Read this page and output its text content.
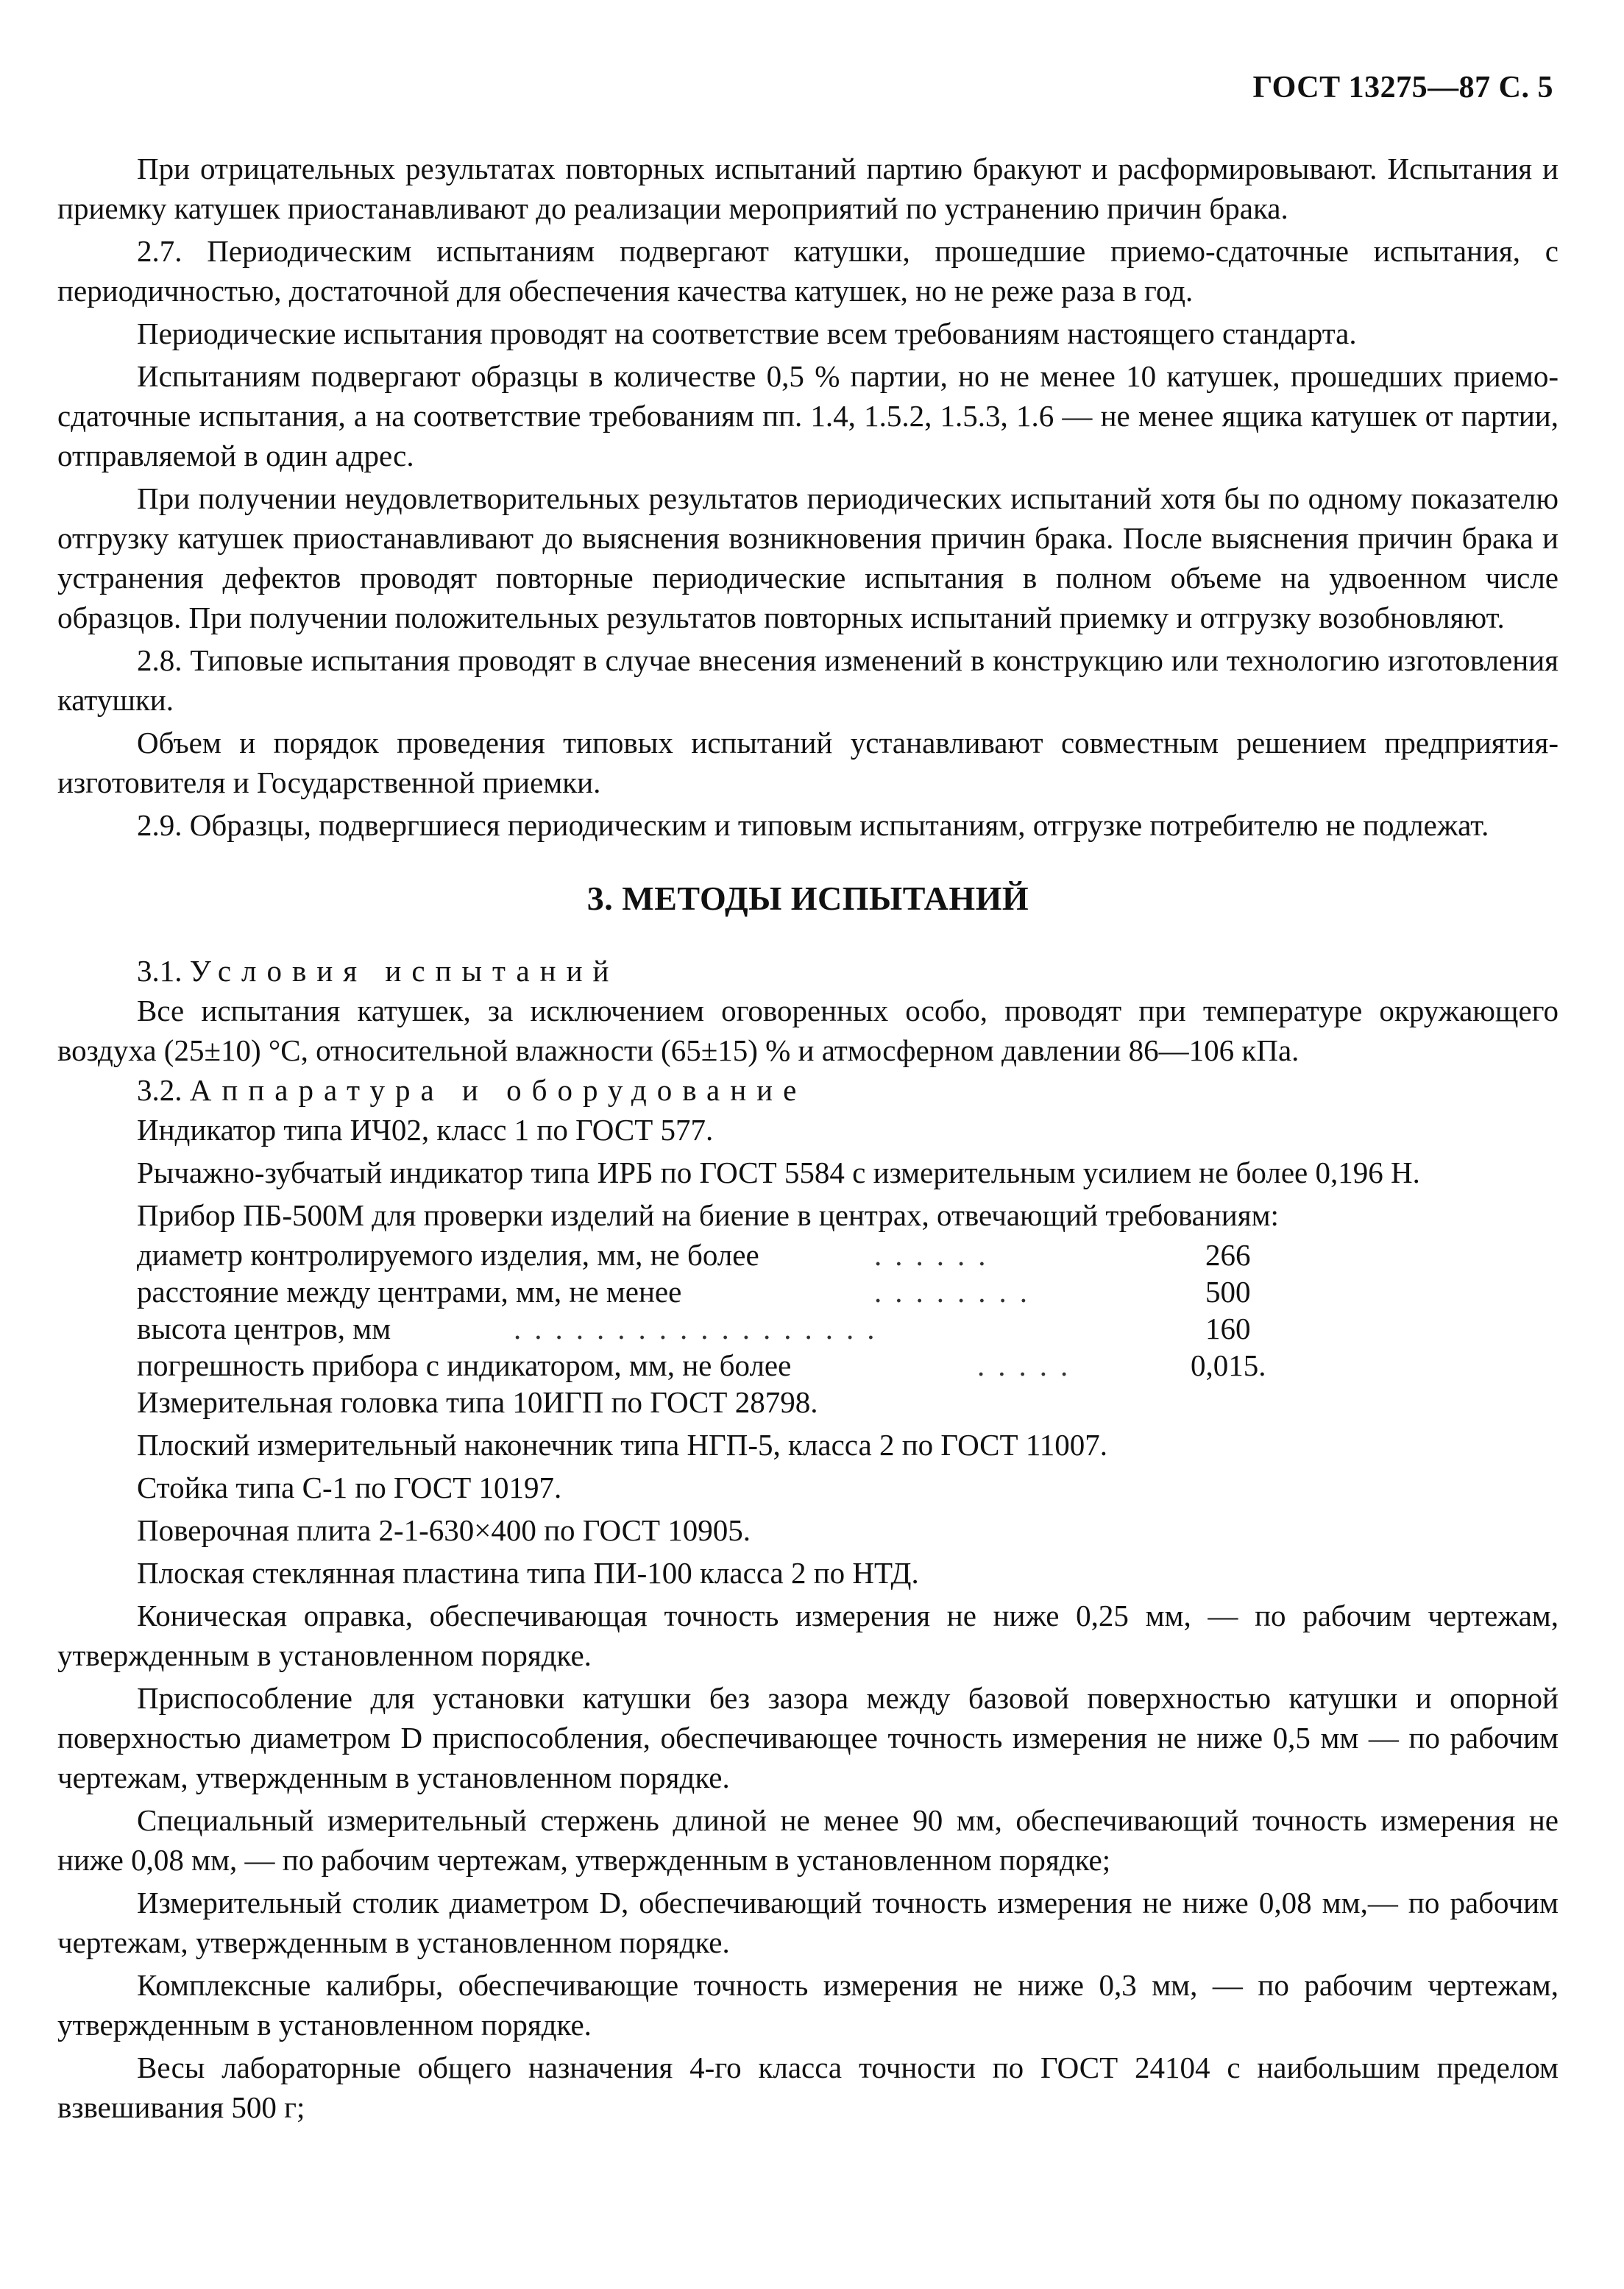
ГОСТ 13275—87 С. 5

При отрицательных результатах повторных испытаний партию бракуют и расформировывают. Испытания и приемку катушек приостанавливают до реализации мероприятий по устранению причин брака.

2.7. Периодическим испытаниям подвергают катушки, прошедшие приемо-сдаточные испытания, с периодичностью, достаточной для обеспечения качества катушек, но не реже раза в год.

Периодические испытания проводят на соответствие всем требованиям настоящего стандарта.

Испытаниям подвергают образцы в количестве 0,5 % партии, но не менее 10 катушек, прошедших приемо-сдаточные испытания, а на соответствие требованиям пп. 1.4, 1.5.2, 1.5.3, 1.6 — не менее ящика катушек от партии, отправляемой в один адрес.

При получении неудовлетворительных результатов периодических испытаний хотя бы по одному показателю отгрузку катушек приостанавливают до выяснения возникновения причин брака. После выяснения причин брака и устранения дефектов проводят повторные периодические испытания в полном объеме на удвоенном числе образцов. При получении положительных результатов повторных испытаний приемку и отгрузку возобновляют.

2.8. Типовые испытания проводят в случае внесения изменений в конструкцию или технологию изготовления катушки.

Объем и порядок проведения типовых испытаний устанавливают совместным решением предприятия-изготовителя и Государственной приемки.

2.9. Образцы, подвергшиеся периодическим и типовым испытаниям, отгрузке потребителю не подлежат.

3. МЕТОДЫ ИСПЫТАНИЙ
3.1. Условия испытаний

Все испытания катушек, за исключением оговоренных особо, проводят при температуре окружающего воздуха (25±10) °С, относительной влажности (65±15) % и атмосферном давлении 86—106 кПа.

3.2. Аппаратура и оборудование

Индикатор типа ИЧ02, класс 1 по ГОСТ 577.

Рычажно-зубчатый индикатор типа ИРБ по ГОСТ 5584 с измерительным усилием не более 0,196 Н.

Прибор ПБ-500М для проверки изделий на биение в центрах, отвечающий требованиям:

диаметр контролируемого изделия, мм, не более	......	266
расстояние между центрами, мм, не менее	........	500
высота центров, мм	..................	160
погрешность прибора с индикатором, мм, не более	.....	0,015.

Измерительная головка типа 10ИГП по ГОСТ 28798.

Плоский измерительный наконечник типа НГП-5, класса 2 по ГОСТ 11007.

Стойка типа С-1 по ГОСТ 10197.

Поверочная плита 2-1-630×400 по ГОСТ 10905.

Плоская стеклянная пластина типа ПИ-100 класса 2 по НТД.

Коническая оправка, обеспечивающая точность измерения не ниже 0,25 мм, — по рабочим чертежам, утвержденным в установленном порядке.

Приспособление для установки катушки без зазора между базовой поверхностью катушки и опорной поверхностью диаметром D приспособления, обеспечивающее точность измерения не ниже 0,5 мм — по рабочим чертежам, утвержденным в установленном порядке.

Специальный измерительный стержень длиной не менее 90 мм, обеспечивающий точность измерения не ниже 0,08 мм, — по рабочим чертежам, утвержденным в установленном порядке;

Измерительный столик диаметром D, обеспечивающий точность измерения не ниже 0,08 мм,— по рабочим чертежам, утвержденным в установленном порядке.

Комплексные калибры, обеспечивающие точность измерения не ниже 0,3 мм, — по рабочим чертежам, утвержденным в установленном порядке.

Весы лабораторные общего назначения 4-го класса точности по ГОСТ 24104 с наибольшим пределом взвешивания 500 г;
